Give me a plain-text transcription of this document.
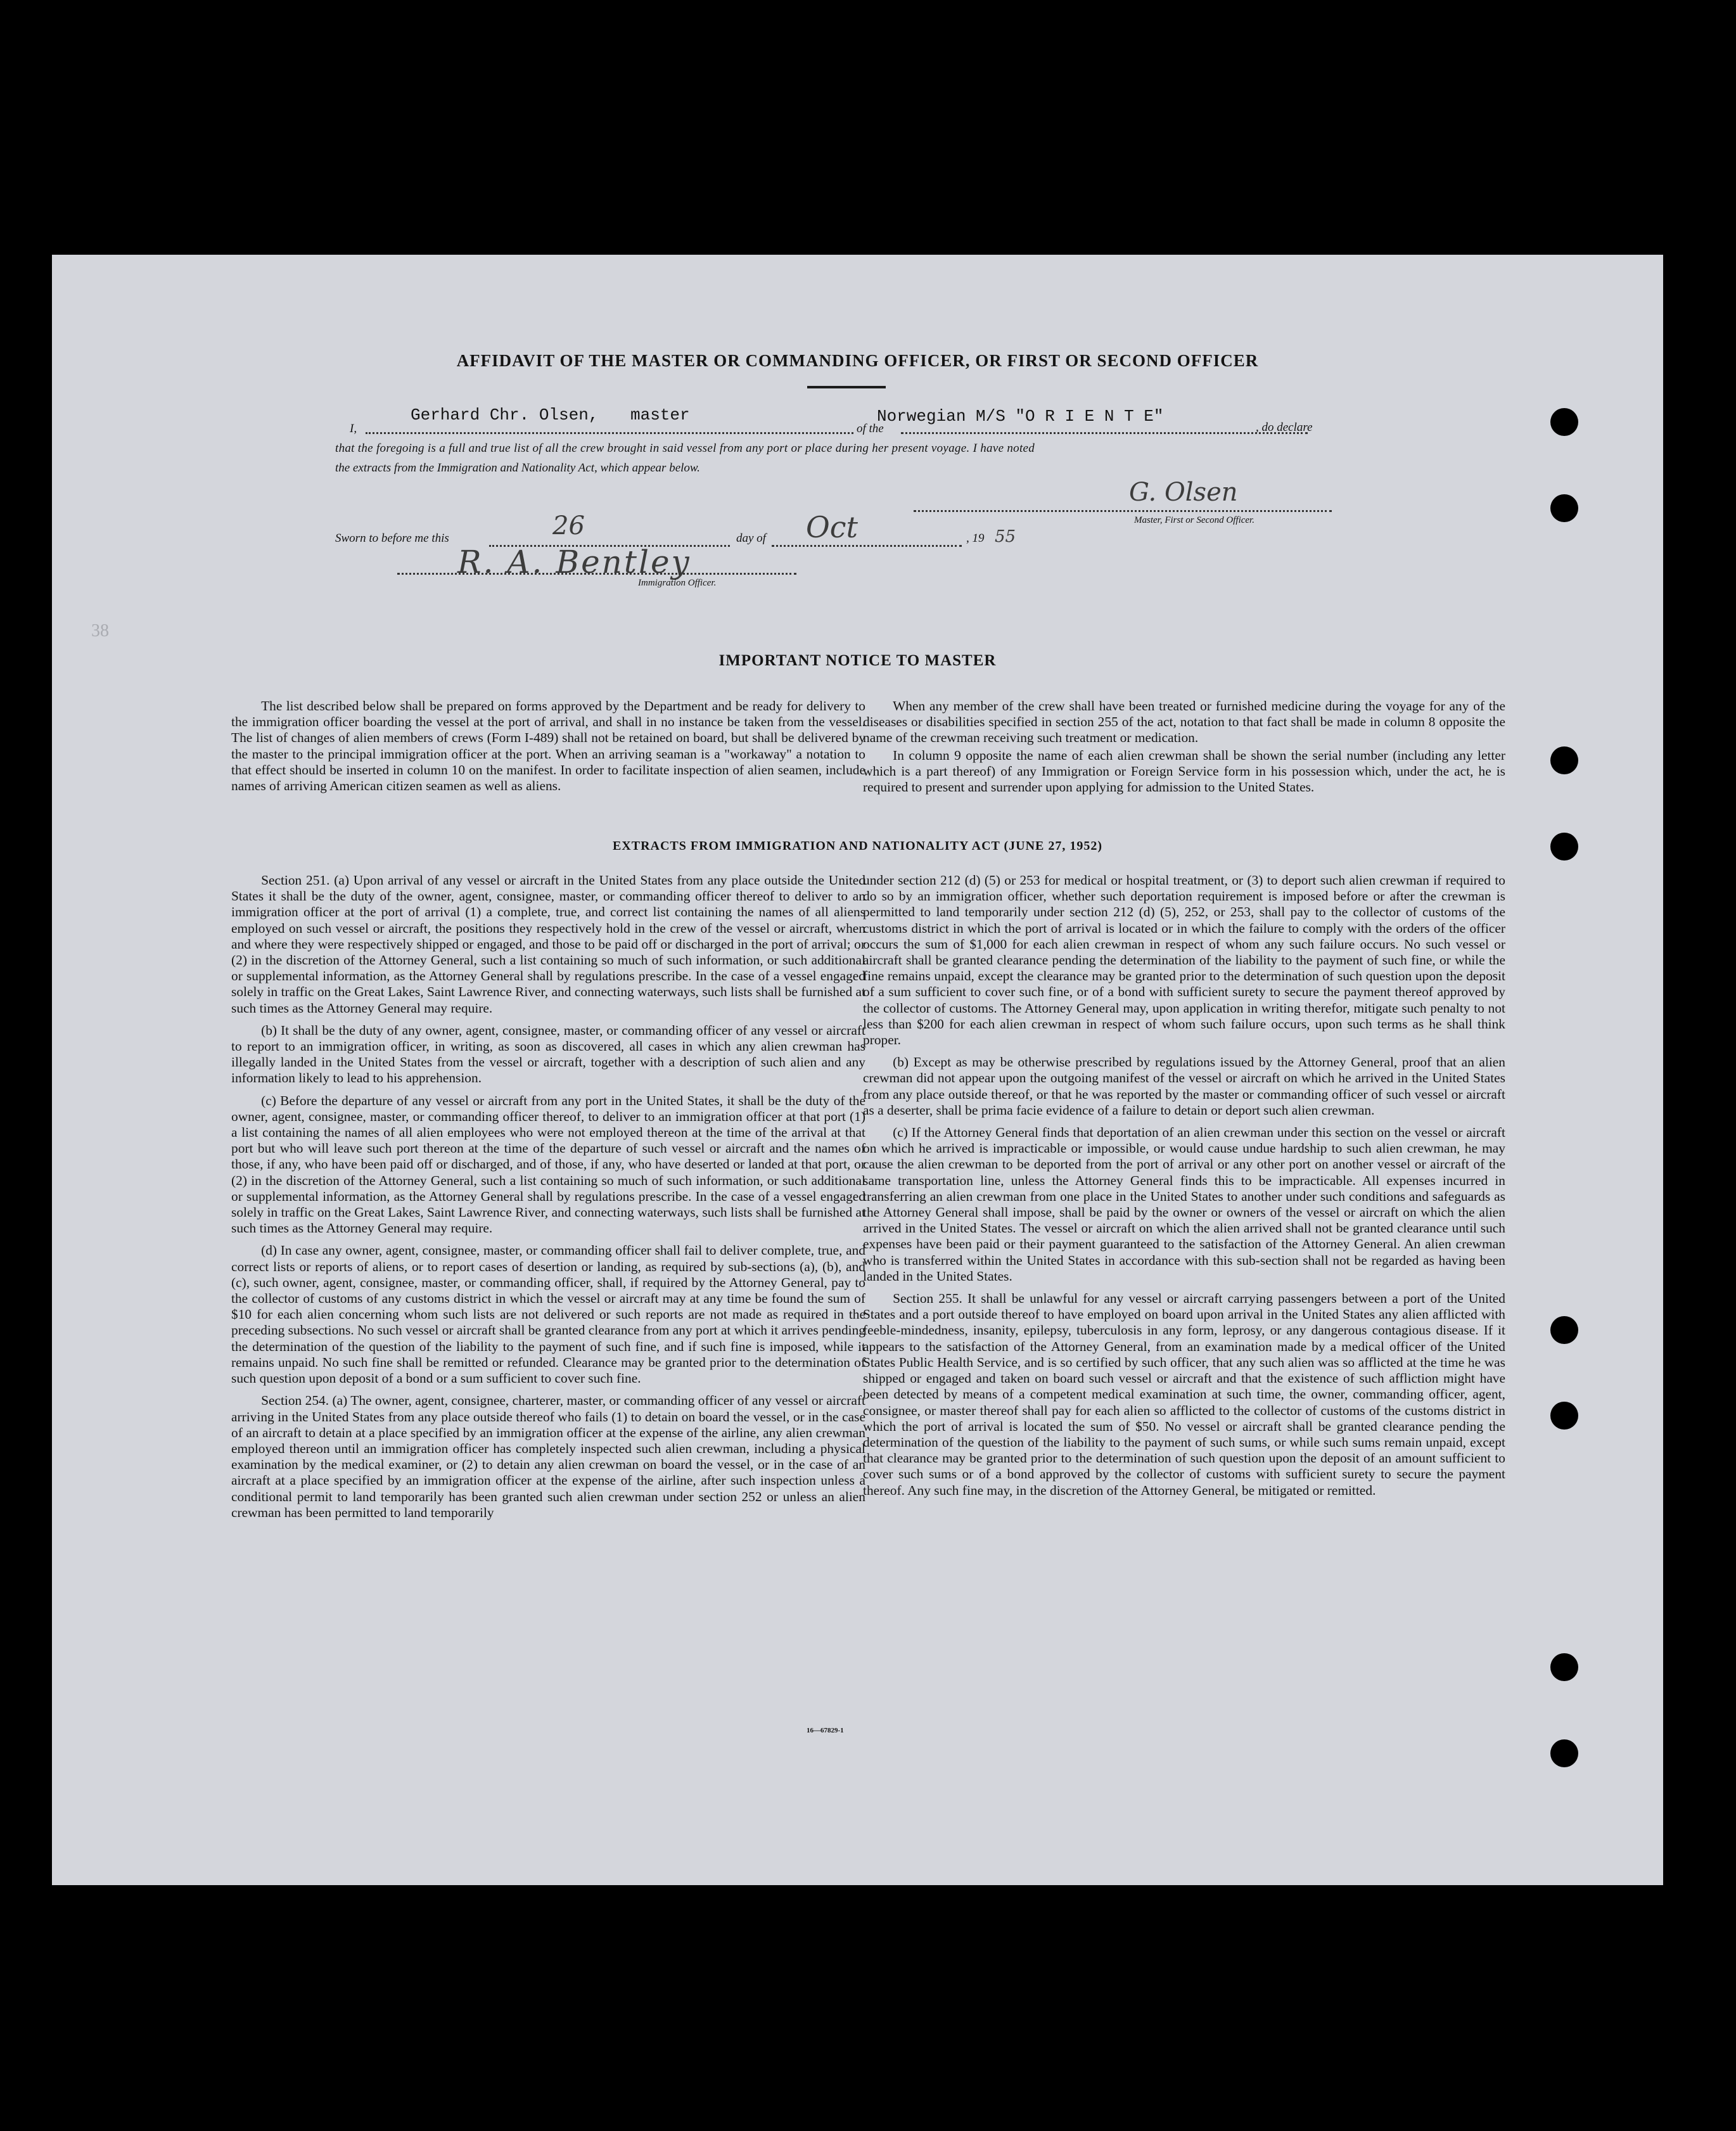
AFFIDAVIT OF THE MASTER OR COMMANDING OFFICER, OR FIRST OR SECOND OFFICER
I,
Gerhard Chr. Olsen, master
of the
Norwegian M/S "O R I E N T E"
, do declare
that the foregoing is a full and true list of all the crew brought in said vessel from any port or place during her present voyage. I have noted
the extracts from the Immigration and Nationality Act, which appear below.
G. Olsen
Master, First or Second Officer.
Sworn to before me this	26	day of Oct	, 19 55
R. A. Bentley
Immigration Officer.
38
IMPORTANT NOTICE TO MASTER

The list described below shall be prepared on forms approved by the Department and be ready for delivery to the immigration officer boarding the vessel at the port of arrival, and shall in no instance be taken from the vessel. The list of changes of alien members of crews (Form I-489) shall not be retained on board, but shall be delivered by the master to the principal immigration officer at the port. When an arriving seaman is a "workaway" a notation to that effect should be inserted in column 10 on the manifest. In order to facilitate inspection of alien seamen, include names of arriving American citizen seamen as well as aliens.

When any member of the crew shall have been treated or furnished medicine during the voyage for any of the diseases or disabilities specified in section 255 of the act, notation to that fact shall be made in column 8 opposite the name of the crewman receiving such treatment or medication.

In column 9 opposite the name of each alien crewman shall be shown the serial number (including any letter which is a part thereof) of any Immigration or Foreign Service form in his possession which, under the act, he is required to present and surrender upon applying for admission to the United States.

EXTRACTS FROM IMMIGRATION AND NATIONALITY ACT (JUNE 27, 1952)

Section 251. (a) Upon arrival of any vessel or aircraft in the United States from any place outside the United States it shall be the duty of the owner, agent, consignee, master, or commanding officer thereof to deliver to an immigration officer at the port of arrival (1) a complete, true, and correct list containing the names of all aliens employed on such vessel or aircraft, the positions they respectively hold in the crew of the vessel or aircraft, when and where they were respectively shipped or engaged, and those to be paid off or discharged in the port of arrival; or (2) in the discretion of the Attorney General, such a list containing so much of such information, or such additional or supplemental information, as the Attorney General shall by regulations prescribe. In the case of a vessel engaged solely in traffic on the Great Lakes, Saint Lawrence River, and connecting waterways, such lists shall be furnished at such times as the Attorney General may require.

(b) It shall be the duty of any owner, agent, consignee, master, or commanding officer of any vessel or aircraft to report to an immigration officer, in writing, as soon as discovered, all cases in which any alien crewman has illegally landed in the United States from the vessel or aircraft, together with a description of such alien and any information likely to lead to his apprehension.

(c) Before the departure of any vessel or aircraft from any port in the United States, it shall be the duty of the owner, agent, consignee, master, or commanding officer thereof, to deliver to an immigration officer at that port (1) a list containing the names of all alien employees who were not employed thereon at the time of the arrival at that port but who will leave such port thereon at the time of the departure of such vessel or aircraft and the names of those, if any, who have been paid off or discharged, and of those, if any, who have deserted or landed at that port, or (2) in the discretion of the Attorney General, such a list containing so much of such information, or such additional or supplemental information, as the Attorney General shall by regulations prescribe. In the case of a vessel engaged solely in traffic on the Great Lakes, Saint Lawrence River, and connecting waterways, such lists shall be furnished at such times as the Attorney General may require.

(d) In case any owner, agent, consignee, master, or commanding officer shall fail to deliver complete, true, and correct lists or reports of aliens, or to report cases of desertion or landing, as required by sub-sections (a), (b), and (c), such owner, agent, consignee, master, or commanding officer, shall, if required by the Attorney General, pay to the collector of customs of any customs district in which the vessel or aircraft may at any time be found the sum of $10 for each alien concerning whom such lists are not delivered or such reports are not made as required in the preceding subsections. No such vessel or aircraft shall be granted clearance from any port at which it arrives pending the determination of the question of the liability to the payment of such fine, and if such fine is imposed, while it remains unpaid. No such fine shall be remitted or refunded. Clearance may be granted prior to the determination of such question upon deposit of a bond or a sum sufficient to cover such fine.

Section 254. (a) The owner, agent, consignee, charterer, master, or commanding officer of any vessel or aircraft arriving in the United States from any place outside thereof who fails (1) to detain on board the vessel, or in the case of an aircraft to detain at a place specified by an immigration officer at the expense of the airline, any alien crewman employed thereon until an immigration officer has completely inspected such alien crewman, including a physical examination by the medical examiner, or (2) to detain any alien crewman on board the vessel, or in the case of an aircraft at a place specified by an immigration officer at the expense of the airline, after such inspection unless a conditional permit to land temporarily has been granted such alien crewman under section 252 or unless an alien crewman has been permitted to land temporarily

under section 212 (d) (5) or 253 for medical or hospital treatment, or (3) to deport such alien crewman if required to do so by an immigration officer, whether such deportation requirement is imposed before or after the crewman is permitted to land temporarily under section 212 (d) (5), 252, or 253, shall pay to the collector of customs of the customs district in which the port of arrival is located or in which the failure to comply with the orders of the officer occurs the sum of $1,000 for each alien crewman in respect of whom any such failure occurs. No such vessel or aircraft shall be granted clearance pending the determination of the liability to the payment of such fine, or while the fine remains unpaid, except the clearance may be granted prior to the determination of such question upon the deposit of a sum sufficient to cover such fine, or of a bond with sufficient surety to secure the payment thereof approved by the collector of customs. The Attorney General may, upon application in writing therefor, mitigate such penalty to not less than $200 for each alien crewman in respect of whom such failure occurs, upon such terms as he shall think proper.

(b) Except as may be otherwise prescribed by regulations issued by the Attorney General, proof that an alien crewman did not appear upon the outgoing manifest of the vessel or aircraft on which he arrived in the United States from any place outside thereof, or that he was reported by the master or commanding officer of such vessel or aircraft as a deserter, shall be prima facie evidence of a failure to detain or deport such alien crewman.

(c) If the Attorney General finds that deportation of an alien crewman under this section on the vessel or aircraft on which he arrived is impracticable or impossible, or would cause undue hardship to such alien crewman, he may cause the alien crewman to be deported from the port of arrival or any other port on another vessel or aircraft of the same transportation line, unless the Attorney General finds this to be impracticable. All expenses incurred in transferring an alien crewman from one place in the United States to another under such conditions and safeguards as the Attorney General shall impose, shall be paid by the owner or owners of the vessel or aircraft on which the alien arrived in the United States. The vessel or aircraft on which the alien arrived shall not be granted clearance until such expenses have been paid or their payment guaranteed to the satisfaction of the Attorney General. An alien crewman who is transferred within the United States in accordance with this sub-section shall not be regarded as having been landed in the United States.

Section 255. It shall be unlawful for any vessel or aircraft carrying passengers between a port of the United States and a port outside thereof to have employed on board upon arrival in the United States any alien afflicted with feeble-mindedness, insanity, epilepsy, tuberculosis in any form, leprosy, or any dangerous contagious disease. If it appears to the satisfaction of the Attorney General, from an examination made by a medical officer of the United States Public Health Service, and is so certified by such officer, that any such alien was so afflicted at the time he was shipped or engaged and taken on board such vessel or aircraft and that the existence of such affliction might have been detected by means of a competent medical examination at such time, the owner, commanding officer, agent, consignee, or master thereof shall pay for each alien so afflicted to the collector of customs of the customs district in which the port of arrival is located the sum of $50. No vessel or aircraft shall be granted clearance pending the determination of the question of the liability to the payment of such sums, or while such sums remain unpaid, except that clearance may be granted prior to the determination of such question upon the deposit of an amount sufficient to cover such sums or of a bond approved by the collector of customs with sufficient surety to secure the payment thereof. Any such fine may, in the discretion of the Attorney General, be mitigated or remitted.

16—67829-1
